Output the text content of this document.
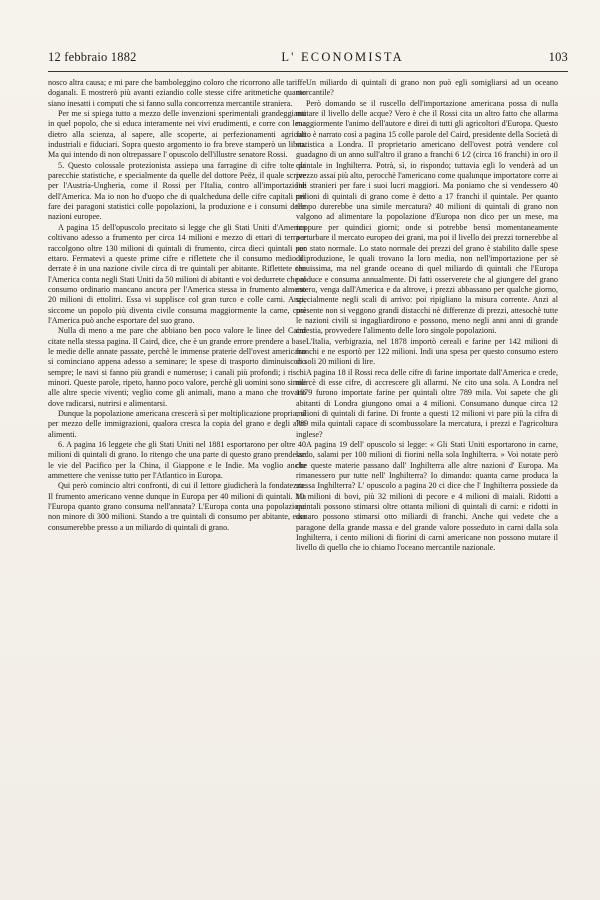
12 febbraio 1882	L' ECONOMISTA	103

nosco altra causa; e mi pare che bamboleggino coloro che ricorrono alle tariffe doganali. E mostrerò più avanti eziandio colle stesse cifre aritmetiche quanto siano inesatti i computi che si fanno sulla concorrenza mercantile straniera.

Per me si spiega tutto a mezzo delle invenzioni sperimentali grandeggianti in quel popolo, che si educa interamente nei vivi erudimenti, e corre con lena dietro alla scienza, al sapere, alle scoperte, ai perfezionamenti agricoli industriali e fiduciari. Sopra questo argomento io fra breve stamperò un libro. Ma qui intendo di non oltrepassare l' opuscolo dell'illustre senatore Rossi.

5. Questo colossale protezionista assiepa una farragine di cifre tolte da parecchie statistiche, e specialmente da quelle del dottore Peëz, il quale scrive per l'Austria-Ungheria, come il Rossi per l'Italia, contro all'importazione dell'America. Ma io non ho d'uopo che di qualcheduna delle cifre capitali per fare dei paragoni statistici colle popolazioni, la produzione e i consumi delle nazioni europee.

A pagina 15 dell'opuscolo precitato si legge che gli Stati Uniti d'America coltivano adesso a frumento per circa 14 milioni e mezzo di ettari di terra e raccolgono oltre 130 milioni di quintali di frumento, circa dieci quintali per ettaro. Fermatevi a queste prime cifre e riflettete che il consumo medio di derrate è in una nazione civile circa di tre quintali per abitante. Riflettete che l'America conta negli Stati Uniti da 50 milioni di abitanti e voi dedurrete che al consumo ordinario mancano ancora per l'America stessa in frumento almeno 20 milioni di ettolitri. Essa vi supplisce col gran turco e colle carni. Anzi, siccome un popolo più diventa civile consuma maggiormente la carne, così l'America può anche esportare del suo grano.

Nulla di meno a me pare che abbiano ben poco valore le linee del Caird citate nella stessa pagina. Il Caird, dice, che è un grande errore prendere a base le medie delle annate passate, perchè le immense praterie dell'ovest americano si cominciano appena adesso a seminare; le spese di trasporto diminuiscono sempre; le navi si fanno più grandi e numerose; i canali più profondi; i rischi minori. Queste parole, ripeto, hanno poco valore, perchè gli uomini sono simili alle altre specie viventi; veglio come gli animali, mano a mano che trovano dove radicarsi, nutrirsi e alimentarsi.

Dunque la popolazione americana crescerà sì per moltiplicazione propria, sì per mezzo delle immigrazioni, qualora cresca la copia del grano e degli altri alimenti.

6. A pagina 16 leggete che gli Stati Uniti nel 1881 esportarono per oltre 40 milioni di quintali di grano. Io ritengo che una parte di questo grano prendesse le vie del Pacifico per la China, il Giappone e le Indie. Ma voglio anche ammettere che venisse tutto per l'Atlantico in Europa.

Qui però comincio altri confronti, di cui il lettore giudicherà la fondatezza. Il frumento americano venne dunque in Europa per 40 milioni di quintali. Ma l'Europa quanto grano consuma nell'annata? L'Europa conta una popolazione non minore di 300 milioni. Stando a tre quintali di consumo per abitante, essa consumerebbe presso a un miliardo di quintali di grano.

Un miliardo di quintali di grano non può egli somigliarsi ad un oceano mercantile?

Però domando se il ruscello dell'importazione americana possa di nulla mutare il livello delle acque? Vero è che il Rossi cita un altro fatto che allarma maggiormente l'animo dell'autore e direi di tutti gli agricoltori d'Europa. Questo fatto è narrato così a pagina 15 colle parole del Caird, presidente della Società di statistica a Londra. Il proprietario americano dell'ovest potrà vendere col guadagno di un anno sull'altro il grano a franchi 6 1⁄2 (circa 16 franchi) in oro il quintale in Inghilterra. Potrà, sì, io rispondo; tuttavia egli lo venderà ad un prezzo assai più alto, perocchè l'americano come qualunque importatore corre ai lidi stranieri per fare i suoi lucri maggiori. Ma poniamo che si vendessero 40 milioni di quintali di grano come è detto a 17 franchi il quintale. Per quanto tempo durerebbe una simile mercatura? 40 milioni di quintali di grano non valgono ad alimentare la popolazione d'Europa non dico per un mese, ma neppure per quindici giorni; onde si potrebbe bensì momentaneamente perturbare il mercato europeo dei grani, ma poi il livello dei prezzi tornerebbe al suo stato normale. Lo stato normale dei prezzi del grano è stabilito dalle spese di produzione, le quali trovano la loro media, non nell'importazione per sè tenuissima, ma nel grande oceano di quel miliardo di quintali che l'Europa produce e consuma annualmente. Di fatti osserverete che al giungere del grano estero, venga dall'America e da altrove, i prezzi abbassano per qualche giorno, specialmente negli scali di arrivo: poi ripigliano la misura corrente. Anzi al presente non si veggono grandi distacchi nè differenze di prezzi, attesochè tutte le nazioni civili si ingagliardirono e possono, meno negli anni anni di grande carestia, provvedere l'alimento delle loro singole popolazioni.

L'Italia, verbigrazia, nel 1878 importò cereali e farine per 142 milioni di franchi e ne esportò per 122 milioni. Indi una spesa per questo consumo estero di soli 20 milioni di lire.

A pagina 18 il Rossi reca delle cifre di farine importate dall'America e crede, mercè di esse cifre, di accrescere gli allarmi. Ne cito una sola. A Londra nel 1879 furono importate farine per quintali oltre 789 mila. Voi sapete che gli abitanti di Londra giungono omai a 4 milioni. Consumano dunque circa 12 milioni di quintali di farine. Di fronte a questi 12 milioni vi pare più la cifra di 789 mila quintali capace di scombussolare la mercatura, i prezzi e l'agricoltura inglese?

A pagina 19 dell' opuscolo si legge: « Gli Stati Uniti esportarono in carne, lardo, salami per 100 milioni di fiorini nella sola Inghilterra. » Voi notate però che queste materie passano dall' Inghilterra alle altre nazioni d' Europa. Ma rimanessero pur tutte nell' Inghilterra? Io dimando: quanta carne produca la stessa Inghilterra? L' opuscolo a pagina 20 ci dice che l' Inghilterra possiede da 10 milioni di bovi, più 32 milioni di pecore e 4 milioni di maiali. Ridotti a quintali possono stimarsi oltre ottanta milioni di quintali di carni: e ridotti in denaro possono stimarsi otto miliardi di franchi. Anche qui vedete che a paragone della grande massa e del grande valore posseduto in carni dalla sola Inghilterra, i cento milioni di fiorini di carni americane non possono mutare il livello di quello che io chiamo l'oceano mercantile nazionale.
